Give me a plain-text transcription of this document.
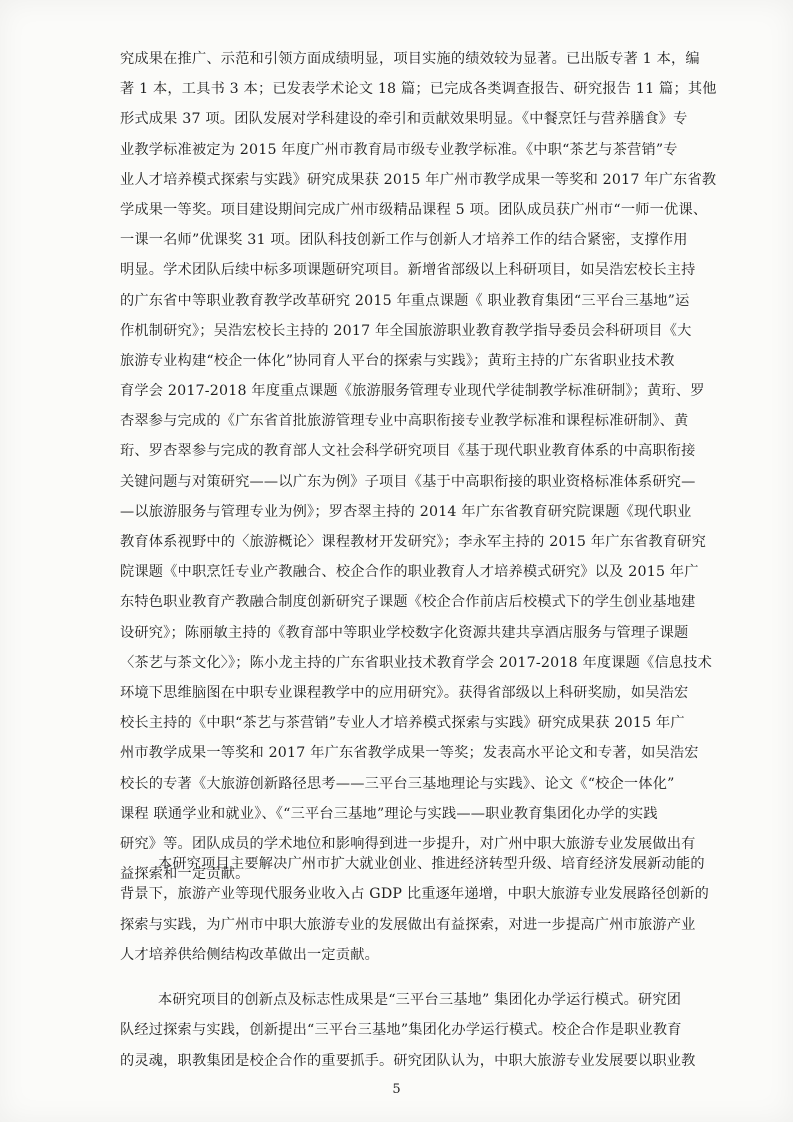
究成果在推广、示范和引领方面成绩明显，项目实施的绩效较为显著。已出版专著 1 本，编
著 1 本，工具书 3 本；已发表学术论文 18 篇；已完成各类调查报告、研究报告 11 篇；其他
形式成果 37 项。团队发展对学科建设的牵引和贡献效果明显。《中餐烹饪与营养膳食》专
业教学标准被定为 2015 年度广州市教育局市级专业教学标准。《中职“茶艺与茶营销”专
业人才培养模式探索与实践》研究成果获 2015 年广州市教学成果一等奖和 2017 年广东省教
学成果一等奖。项目建设期间完成广州市级精品课程 5 项。团队成员获广州市“一师一优课、
一课一名师”优课奖 31 项。团队科技创新工作与创新人才培养工作的结合紧密，支撑作用
明显。学术团队后续中标多项课题研究项目。新增省部级以上科研项目，如吴浩宏校长主持
的广东省中等职业教育教学改革研究 2015 年重点课题《 职业教育集团“三平台三基地”运
作机制研究》；吴浩宏校长主持的 2017 年全国旅游职业教育教学指导委员会科研项目《大
旅游专业构建“校企一体化”协同育人平台的探索与实践》；黄珩主持的广东省职业技术教
育学会 2017-2018 年度重点课题《旅游服务管理专业现代学徒制教学标准研制》；黄珩、罗
杏翠参与完成的《广东省首批旅游管理专业中高职衔接专业教学标准和课程标准研制》、黄
珩、罗杏翠参与完成的教育部人文社会科学研究项目《基于现代职业教育体系的中高职衔接
关键问题与对策研究——以广东为例》子项目《基于中高职衔接的职业资格标准体系研究—
—以旅游服务与管理专业为例》；罗杏翠主持的 2014 年广东省教育研究院课题《现代职业
教育体系视野中的〈旅游概论〉课程教材开发研究》；李永军主持的 2015 年广东省教育研究
院课题《中职烹饪专业产教融合、校企合作的职业教育人才培养模式研究》以及 2015 年广
东特色职业教育产教融合制度创新研究子课题《校企合作前店后校模式下的学生创业基地建
设研究》；陈丽敏主持的《教育部中等职业学校数字化资源共建共享酒店服务与管理子课题
〈茶艺与茶文化〉》；陈小龙主持的广东省职业技术教育学会 2017-2018 年度课题《信息技术
环境下思维脑图在中职专业课程教学中的应用研究》。获得省部级以上科研奖励，如吴浩宏
校长主持的《中职“茶艺与茶营销”专业人才培养模式探索与实践》研究成果获 2015 年广
州市教学成果一等奖和 2017 年广东省教学成果一等奖；发表高水平论文和专著，如吴浩宏
校长的专著《大旅游创新路径思考——三平台三基地理论与实践》、论文《“校企一体化”
课程 联通学业和就业》、《“三平台三基地”理论与实践——职业教育集团化办学的实践
研究》等。团队成员的学术地位和影响得到进一步提升，对广州中职大旅游专业发展做出有
益探索和一定贡献。
本研究项目主要解决广州市扩大就业创业、推进经济转型升级、培育经济发展新动能的
背景下，旅游产业等现代服务业收入占 GDP 比重逐年递增，中职大旅游专业发展路径创新的
探索与实践，为广州市中职大旅游专业的发展做出有益探索，对进一步提高广州市旅游产业
人才培养供给侧结构改革做出一定贡献。
本研究项目的创新点及标志性成果是“三平台三基地” 集团化办学运行模式。研究团
队经过探索与实践，创新提出“三平台三基地”集团化办学运行模式。校企合作是职业教育
的灵魂，职教集团是校企合作的重要抓手。研究团队认为，中职大旅游专业发展要以职业教
5
